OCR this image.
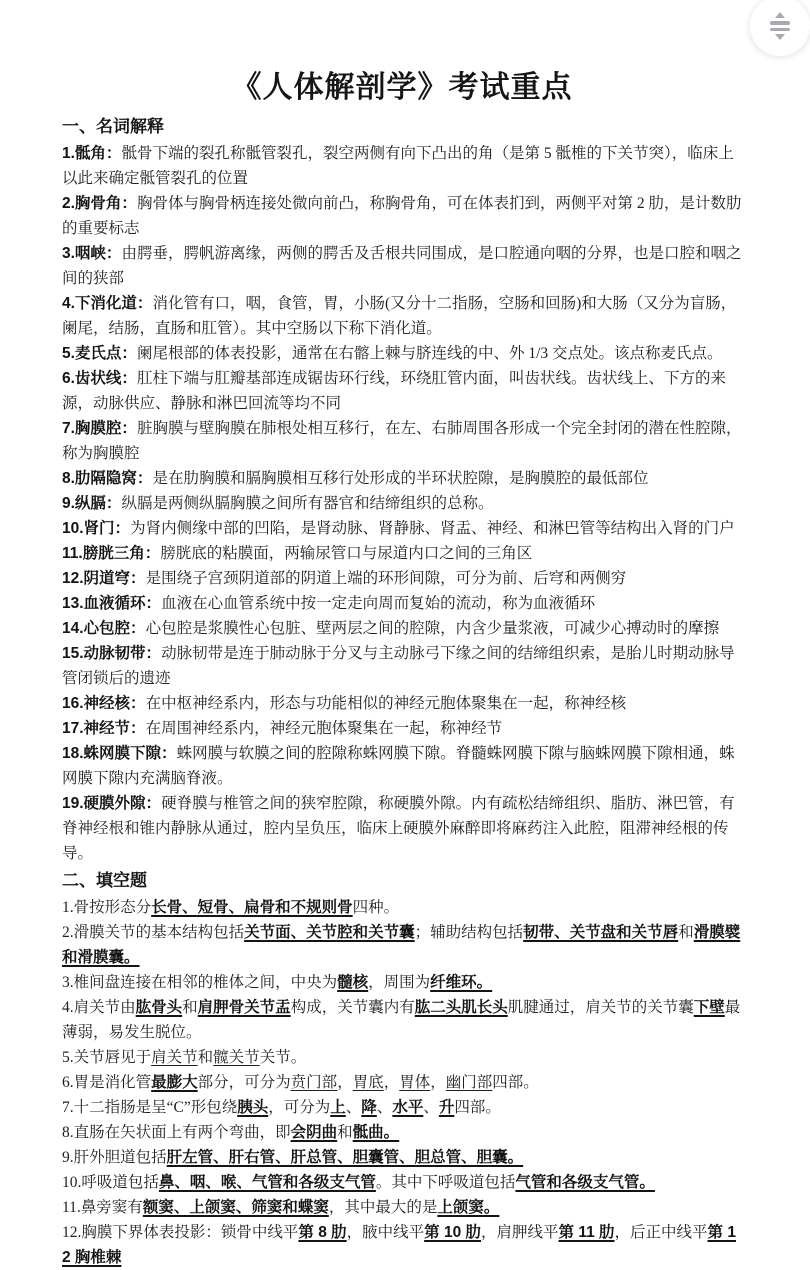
《人体解剖学》考试重点
一、名词解释

1.骶角：骶骨下端的裂孔称骶管裂孔，裂空两侧有向下凸出的角（是第 5 骶椎的下关节突），临床上以此来确定骶管裂孔的位置

2.胸骨角：胸骨体与胸骨柄连接处微向前凸，称胸骨角，可在体表扪到，两侧平对第 2 肋，是计数肋的重要标志

3.咽峡：由腭垂，腭帆游离缘，两侧的腭舌及舌根共同围成，是口腔通向咽的分界，也是口腔和咽之间的狭部

4.下消化道：消化管有口，咽，食管，胃，小肠(又分十二指肠，空肠和回肠)和大肠（又分为盲肠，阑尾，结肠，直肠和肛管）。其中空肠以下称下消化道。

5.麦氏点：阑尾根部的体表投影，通常在右髂上棘与脐连线的中、外 1/3 交点处。该点称麦氏点。

6.齿状线：肛柱下端与肛瓣基部连成锯齿环行线，环绕肛管内面，叫齿状线。齿状线上、下方的来源，动脉供应、静脉和淋巴回流等均不同

7.胸膜腔：脏胸膜与壁胸膜在肺根处相互移行，在左、右肺周围各形成一个完全封闭的潜在性腔隙，称为胸膜腔

8.肋隔隐窝：是在肋胸膜和膈胸膜相互移行处形成的半环状腔隙，是胸膜腔的最低部位

9.纵膈：纵膈是两侧纵膈胸膜之间所有器官和结缔组织的总称。

10.肾门：为肾内侧缘中部的凹陷，是肾动脉、肾静脉、肾盂、神经、和淋巴管等结构出入肾的门户

11.膀胱三角：膀胱底的粘膜面，两输尿管口与尿道内口之间的三角区

12.阴道穹：是围绕子宫颈阴道部的阴道上端的环形间隙，可分为前、后穹和两侧穷

13.血液循环：血液在心血管系统中按一定走向周而复始的流动，称为血液循环

14.心包腔：心包腔是浆膜性心包脏、壁两层之间的腔隙，内含少量浆液，可减少心搏动时的摩擦

15.动脉韧带：动脉韧带是连于肺动脉于分叉与主动脉弓下缘之间的结缔组织索，是胎儿时期动脉导管闭锁后的遗迹

16.神经核：在中枢神经系内，形态与功能相似的神经元胞体聚集在一起，称神经核

17.神经节：在周围神经系内，神经元胞体聚集在一起，称神经节

18.蛛网膜下隙：蛛网膜与软膜之间的腔隙称蛛网膜下隙。脊髓蛛网膜下隙与脑蛛网膜下隙相通，蛛网膜下隙内充满脑脊液。

19.硬膜外隙：硬脊膜与椎管之间的狭窄腔隙，称硬膜外隙。内有疏松结缔组织、脂肪、淋巴管，有脊神经根和锥内静脉从通过，腔内呈负压，临床上硬膜外麻醉即将麻药注入此腔，阻滞神经根的传导。

二、填空题

1.骨按形态分长骨、短骨、扁骨和不规则骨四种。

2.滑膜关节的基本结构包括关节面、关节腔和关节囊；辅助结构包括韧带、关节盘和关节唇和滑膜襞和滑膜囊。

3.椎间盘连接在相邻的椎体之间，中央为髓核，周围为纤维环。

4.肩关节由肱骨头和肩胛骨关节盂构成，关节囊内有肱二头肌长头肌腱通过，肩关节的关节囊下壁最薄弱，易发生脱位。

5.关节唇见于肩关节和髋关节关节。

6.胃是消化管最膨大部分，可分为贲门部，胃底，胃体，幽门部四部。

7.十二指肠是呈“C”形包绕胰头，可分为上、降、水平、升四部。

8.直肠在矢状面上有两个弯曲，即会阴曲和骶曲。

9.肝外胆道包括肝左管、肝右管、肝总管、胆囊管、胆总管、胆囊。

10.呼吸道包括鼻、咽、喉、气管和各级支气管。其中下呼吸道包括气管和各级支气管。

11.鼻旁窦有额窦、上颌窦、筛窦和蝶窦，其中最大的是上颌窦。

12.胸膜下界体表投影：锁骨中线平第 8 肋，腋中线平第 10 肋，肩胛线平第 11 肋，后正中线平第 12 胸椎棘
